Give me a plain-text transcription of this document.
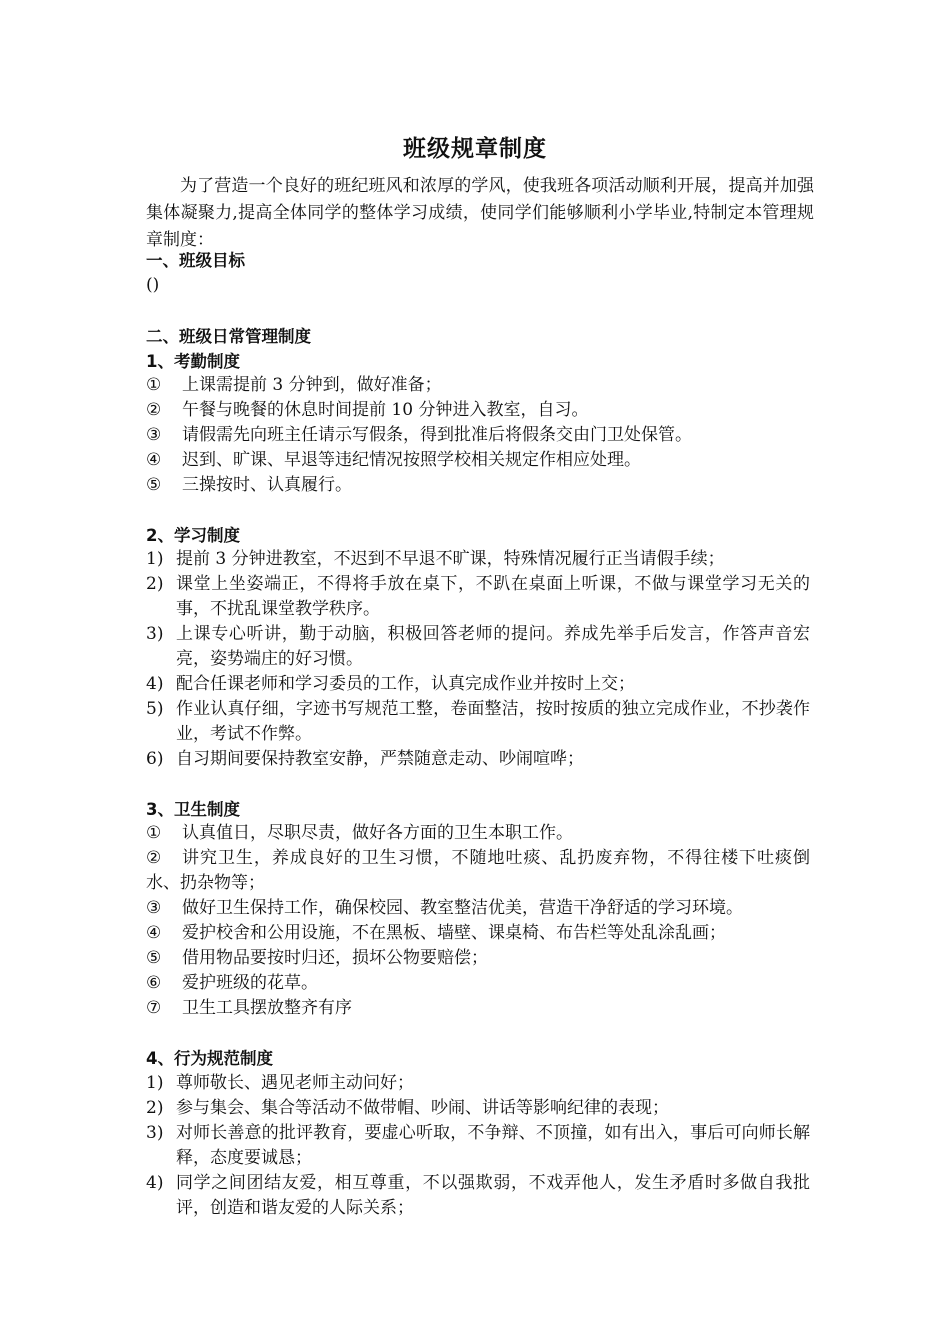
班级规章制度
为了营造一个良好的班纪班风和浓厚的学风，使我班各项活动顺利开展，提高并加强集体凝聚力,提高全体同学的整体学习成绩，使同学们能够顺利小学毕业,特制定本管理规章制度：
一、班级目标
()
二、班级日常管理制度
1、考勤制度
①	上课需提前 3 分钟到，做好准备；
②	午餐与晚餐的休息时间提前 10 分钟进入教室，自习。
③	请假需先向班主任请示写假条，得到批准后将假条交由门卫处保管。
④	迟到、旷课、早退等违纪情况按照学校相关规定作相应处理。
⑤	三操按时、认真履行。
2、学习制度
1) 提前 3 分钟进教室，不迟到不早退不旷课，特殊情况履行正当请假手续；
2) 课堂上坐姿端正，不得将手放在桌下，不趴在桌面上听课，不做与课堂学习无关的事，不扰乱课堂教学秩序。
3) 上课专心听讲，勤于动脑，积极回答老师的提问。养成先举手后发言，作答声音宏亮，姿势端庄的好习惯。
4) 配合任课老师和学习委员的工作，认真完成作业并按时上交；
5) 作业认真仔细，字迹书写规范工整，卷面整洁，按时按质的独立完成作业，不抄袭作业，考试不作弊。
6) 自习期间要保持教室安静，严禁随意走动、吵闹喧哗；
3、卫生制度
①	认真值日，尽职尽责，做好各方面的卫生本职工作。
②	讲究卫生，养成良好的卫生习惯，不随地吐痰、乱扔废弃物，不得往楼下吐痰倒水、扔杂物等；
③	做好卫生保持工作，确保校园、教室整洁优美，营造干净舒适的学习环境。
④	爱护校舍和公用设施，不在黑板、墙壁、课桌椅、布告栏等处乱涂乱画；
⑤	借用物品要按时归还，损坏公物要赔偿；
⑥	爱护班级的花草。
⑦	卫生工具摆放整齐有序
4、行为规范制度
1) 尊师敬长、遇见老师主动问好；
2) 参与集会、集合等活动不做带帽、吵闹、讲话等影响纪律的表现；
3) 对师长善意的批评教育，要虚心听取，不争辩、不顶撞，如有出入，事后可向师长解释，态度要诚恳；
4) 同学之间团结友爱，相互尊重，不以强欺弱，不戏弄他人，发生矛盾时多做自我批评，创造和谐友爱的人际关系；
